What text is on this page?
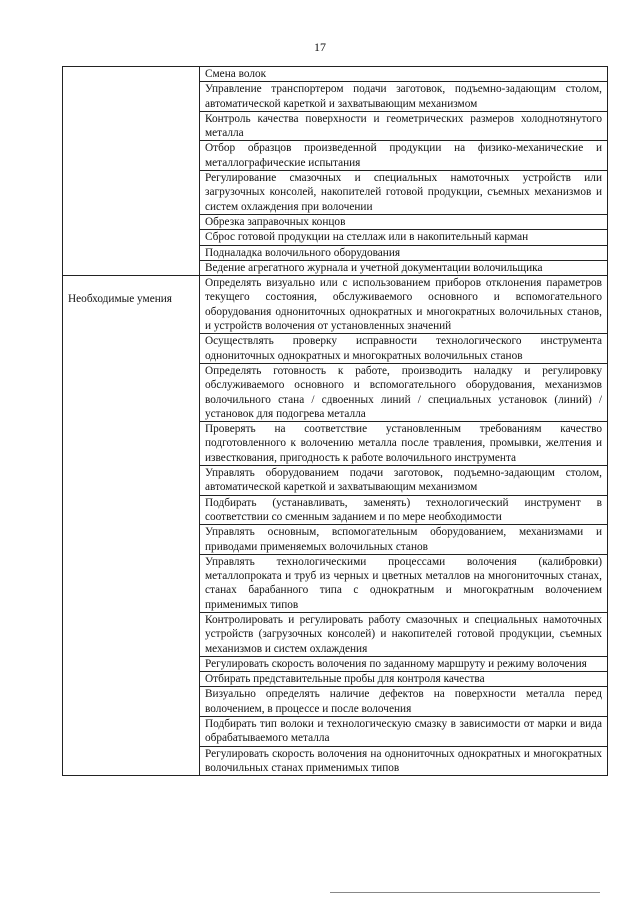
17
	Смена волок
	Управление транспортером подачи заготовок, подъемно-задающим столом, автоматической кареткой и захватывающим механизмом
	Контроль качества поверхности и геометрических размеров холоднотянутого металла
	Отбор образцов произведенной продукции на физико-механические и металлографические испытания
	Регулирование смазочных и специальных намоточных устройств или загрузочных консолей, накопителей готовой продукции, съемных механизмов и систем охлаждения при волочении
	Обрезка заправочных концов
	Сброс готовой продукции на стеллаж или в накопительный карман
	Подналадка волочильного оборудования
	Ведение агрегатного журнала и учетной документации волочильщика
Необходимые умения	Определять визуально или с использованием приборов отклонения параметров текущего состояния, обслуживаемого основного и вспомогательного оборудования однониточных однократных и многократных волочильных станов, и устройств волочения от установленных значений
	Осуществлять проверку исправности технологического инструмента однониточных однократных и многократных волочильных станов
	Определять готовность к работе, производить наладку и регулировку обслуживаемого основного и вспомогательного оборудования, механизмов волочильного стана / сдвоенных линий / специальных установок (линий) / установок для подогрева металла
	Проверять на соответствие установленным требованиям качество подготовленного к волочению металла после травления, промывки, желтения и известкования, пригодность к работе волочильного инструмента
	Управлять оборудованием подачи заготовок, подъемно-задающим столом, автоматической кареткой и захватывающим механизмом
	Подбирать (устанавливать, заменять) технологический инструмент в соответствии со сменным заданием и по мере необходимости
	Управлять основным, вспомогательным оборудованием, механизмами и приводами применяемых волочильных станов
	Управлять технологическими процессами волочения (калибровки) металлопроката и труб из черных и цветных металлов на многониточных станах, станах барабанного типа с однократным и многократным волочением применимых типов
	Контролировать и регулировать работу смазочных и специальных намоточных устройств (загрузочных консолей) и накопителей готовой продукции, съемных механизмов и систем охлаждения
	Регулировать скорость волочения по заданному маршруту и режиму волочения
	Отбирать представительные пробы для контроля качества
	Визуально определять наличие дефектов на поверхности металла перед волочением, в процессе и после волочения
	Подбирать тип волоки и технологическую смазку в зависимости от марки и вида обрабатываемого металла
	Регулировать скорость волочения на однониточных однократных и многократных волочильных станах применимых типов
